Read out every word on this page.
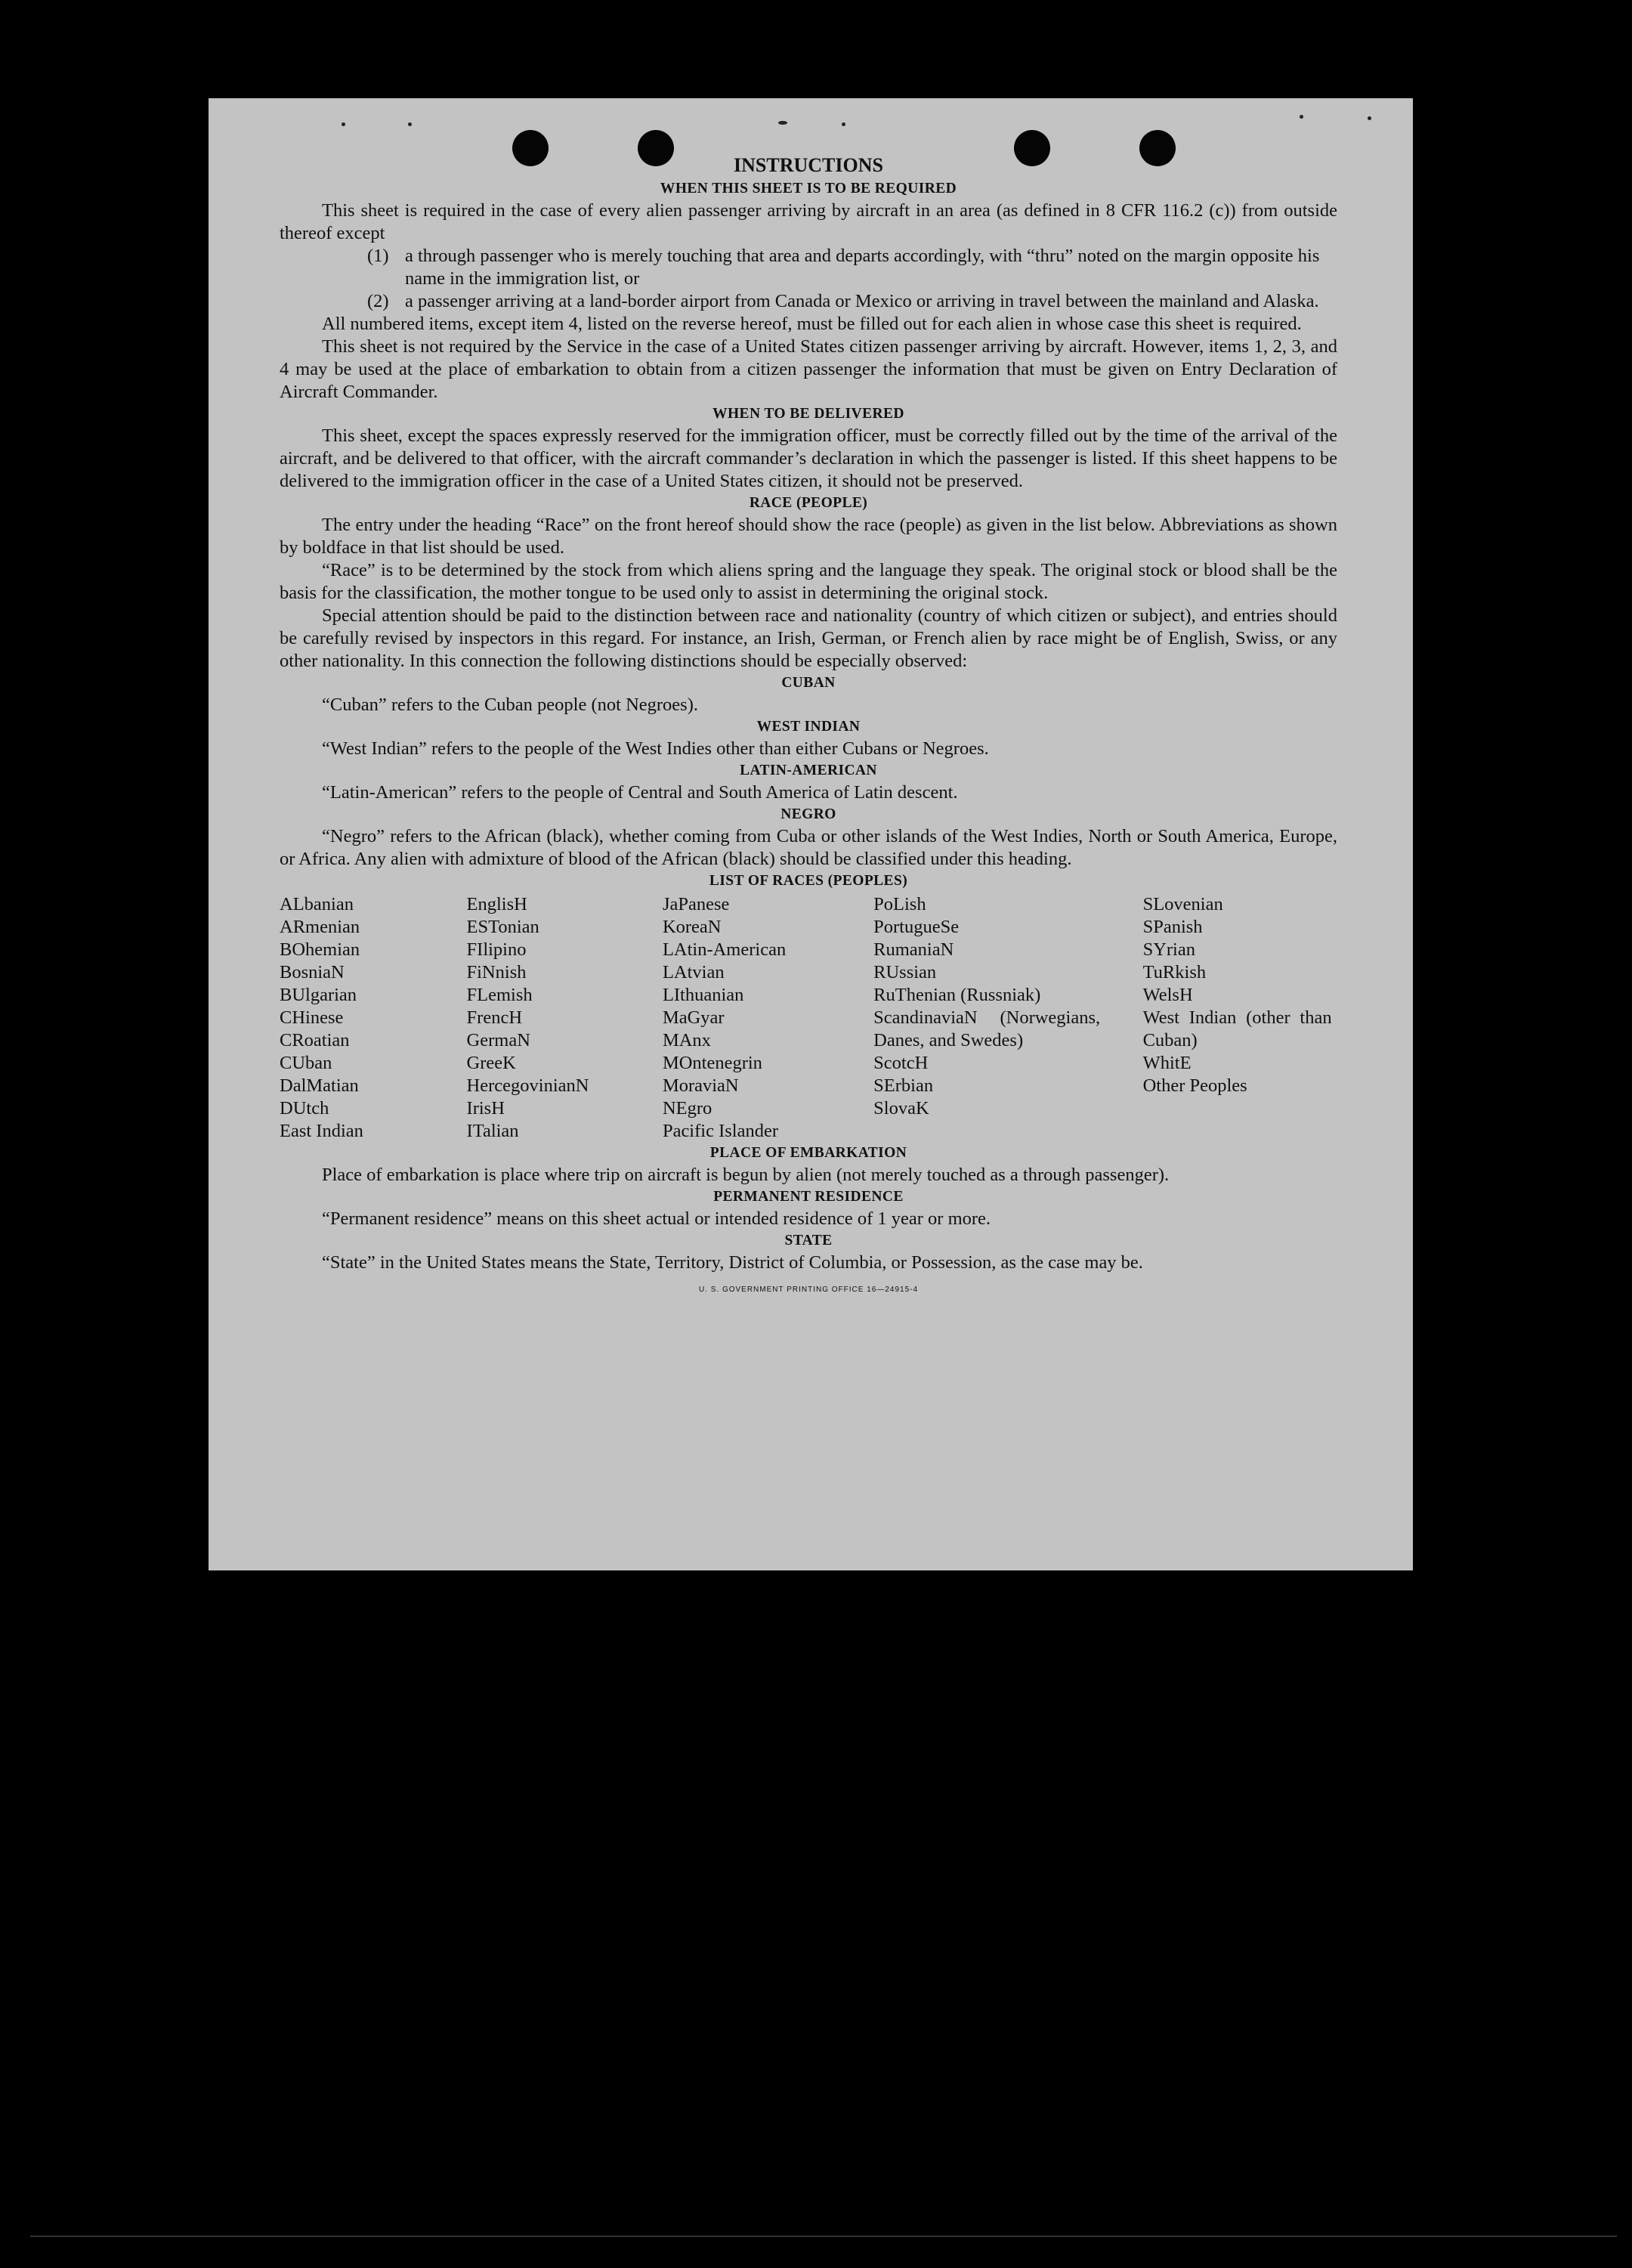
INSTRUCTIONS
WHEN THIS SHEET IS TO BE REQUIRED

This sheet is required in the case of every alien passenger arriving by aircraft in an area (as defined in 8 CFR 116.2 (c)) from outside thereof except

(1) a through passenger who is merely touching that area and departs accordingly, with “thru” noted on the margin opposite his name in the immigration list, or
(2) a passenger arriving at a land-border airport from Canada or Mexico or arriving in travel between the mainland and Alaska.

All numbered items, except item 4, listed on the reverse hereof, must be filled out for each alien in whose case this sheet is required.

This sheet is not required by the Service in the case of a United States citizen passenger arriving by aircraft. However, items 1, 2, 3, and 4 may be used at the place of embarkation to obtain from a citizen passenger the information that must be given on Entry Declaration of Aircraft Commander.

WHEN TO BE DELIVERED

This sheet, except the spaces expressly reserved for the immigration officer, must be correctly filled out by the time of the arrival of the aircraft, and be delivered to that officer, with the aircraft commander’s declaration in which the passenger is listed. If this sheet happens to be delivered to the immigration officer in the case of a United States citizen, it should not be preserved.

RACE (PEOPLE)

The entry under the heading “Race” on the front hereof should show the race (people) as given in the list below. Abbreviations as shown by boldface in that list should be used.

“Race” is to be determined by the stock from which aliens spring and the language they speak. The original stock or blood shall be the basis for the classification, the mother tongue to be used only to assist in determining the original stock.

Special attention should be paid to the distinction between race and nationality (country of which citizen or subject), and entries should be carefully revised by inspectors in this regard. For instance, an Irish, German, or French alien by race might be of English, Swiss, or any other nationality. In this connection the following distinctions should be especially observed:

CUBAN

“Cuban” refers to the Cuban people (not Negroes).

WEST INDIAN

“West Indian” refers to the people of the West Indies other than either Cubans or Negroes.

LATIN-AMERICAN

“Latin-American” refers to the people of Central and South America of Latin descent.

NEGRO

“Negro” refers to the African (black), whether coming from Cuba or other islands of the West Indies, North or South America, Europe, or Africa. Any alien with admixture of blood of the African (black) should be classified under this heading.

LIST OF RACES (PEOPLES)
ALbanian
ARmenian
BOhemian
BosniaN
BUlgarian
CHinese
CRoatian
CUban
DalMatian
DUtch
East Indian
EnglisH
ESTonian
FIlipino
FiNnish
FLemish
FrencH
GermaN
GreeK
HercegovinianN
IrisH
ITalian
JaPanese
KoreaN
LAtin-American
LAtvian
LIthuanian
MaGyar
MAnx
MOntenegrin
MoraviaN
NEgro
Pacific Islander
PoLish
PortugueSe
RumaniaN
RUssian
RuThenian (Russniak)
ScandinaviaN (Norwegians, Danes, and Swedes)
ScotcH
SErbian
SlovaK
SLovenian
SPanish
SYrian
TuRkish
WelsH
West Indian (other than Cuban)
WhitE
Other Peoples
PLACE OF EMBARKATION

Place of embarkation is place where trip on aircraft is begun by alien (not merely touched as a through passenger).

PERMANENT RESIDENCE

“Permanent residence” means on this sheet actual or intended residence of 1 year or more.

STATE

“State” in the United States means the State, Territory, District of Columbia, or Possession, as the case may be.

U. S. GOVERNMENT PRINTING OFFICE 16—24915-4
